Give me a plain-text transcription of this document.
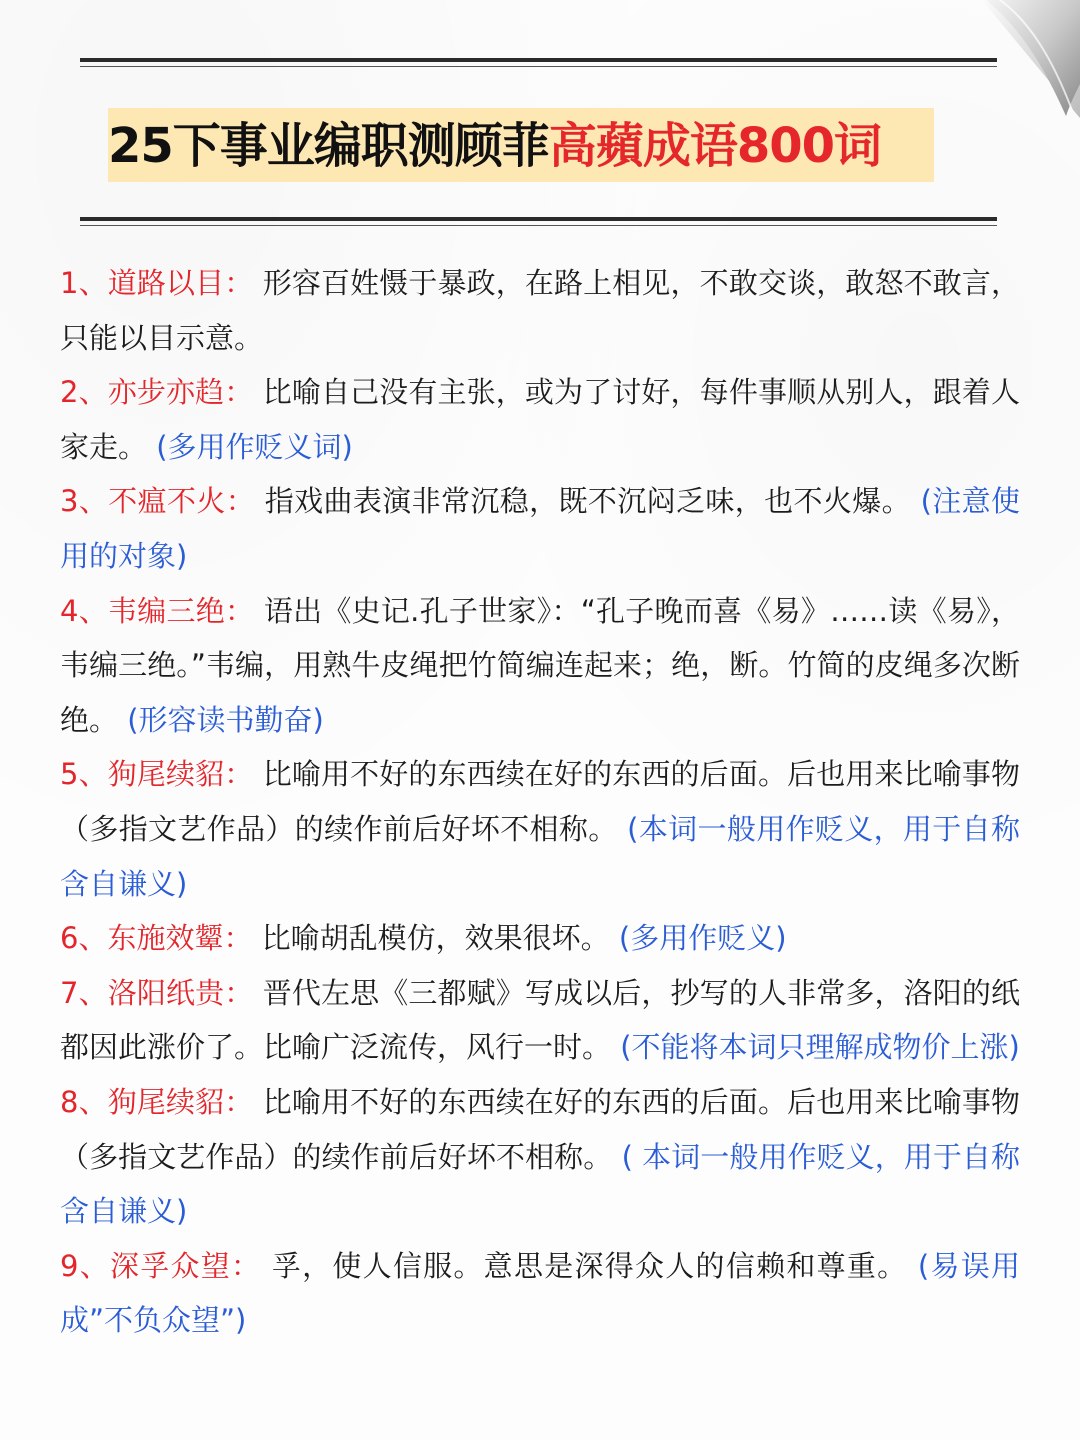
25下事业编职测顾菲高蘋成语800词

1、道路以目： 形容百姓慑于暴政，在路上相见，不敢交谈，敢怒不敢言，只能以目示意。

2、亦步亦趋： 比喻自己没有主张，或为了讨好，每件事顺从别人，跟着人家走。 (多用作贬义词)

3、不瘟不火： 指戏曲表演非常沉稳，既不沉闷乏味，也不火爆。 (注意使用的对象)

4、韦编三绝： 语出《史记.孔子世家》：“孔子晚而喜《易》……读《易》，韦编三绝。”韦编，用熟牛皮绳把竹简编连起来；绝，断。竹简的皮绳多次断绝。 (形容读书勤奋)

5、狗尾续貂： 比喻用不好的东西续在好的东西的后面。后也用来比喻事物（多指文艺作品）的续作前后好坏不相称。 (本词一般用作贬义，用于自称含自谦义)

6、东施效颦： 比喻胡乱模仿，效果很坏。 (多用作贬义)

7、洛阳纸贵： 晋代左思《三都赋》写成以后，抄写的人非常多，洛阳的纸都因此涨价了。比喻广泛流传，风行一时。 (不能将本词只理解成物价上涨)

8、狗尾续貂： 比喻用不好的东西续在好的东西的后面。后也用来比喻事物（多指文艺作品）的续作前后好坏不相称。 ( 本词一般用作贬义，用于自称含自谦义)

9、深孚众望： 孚，使人信服。意思是深得众人的信赖和尊重。 (易误用成”不负众望”)
